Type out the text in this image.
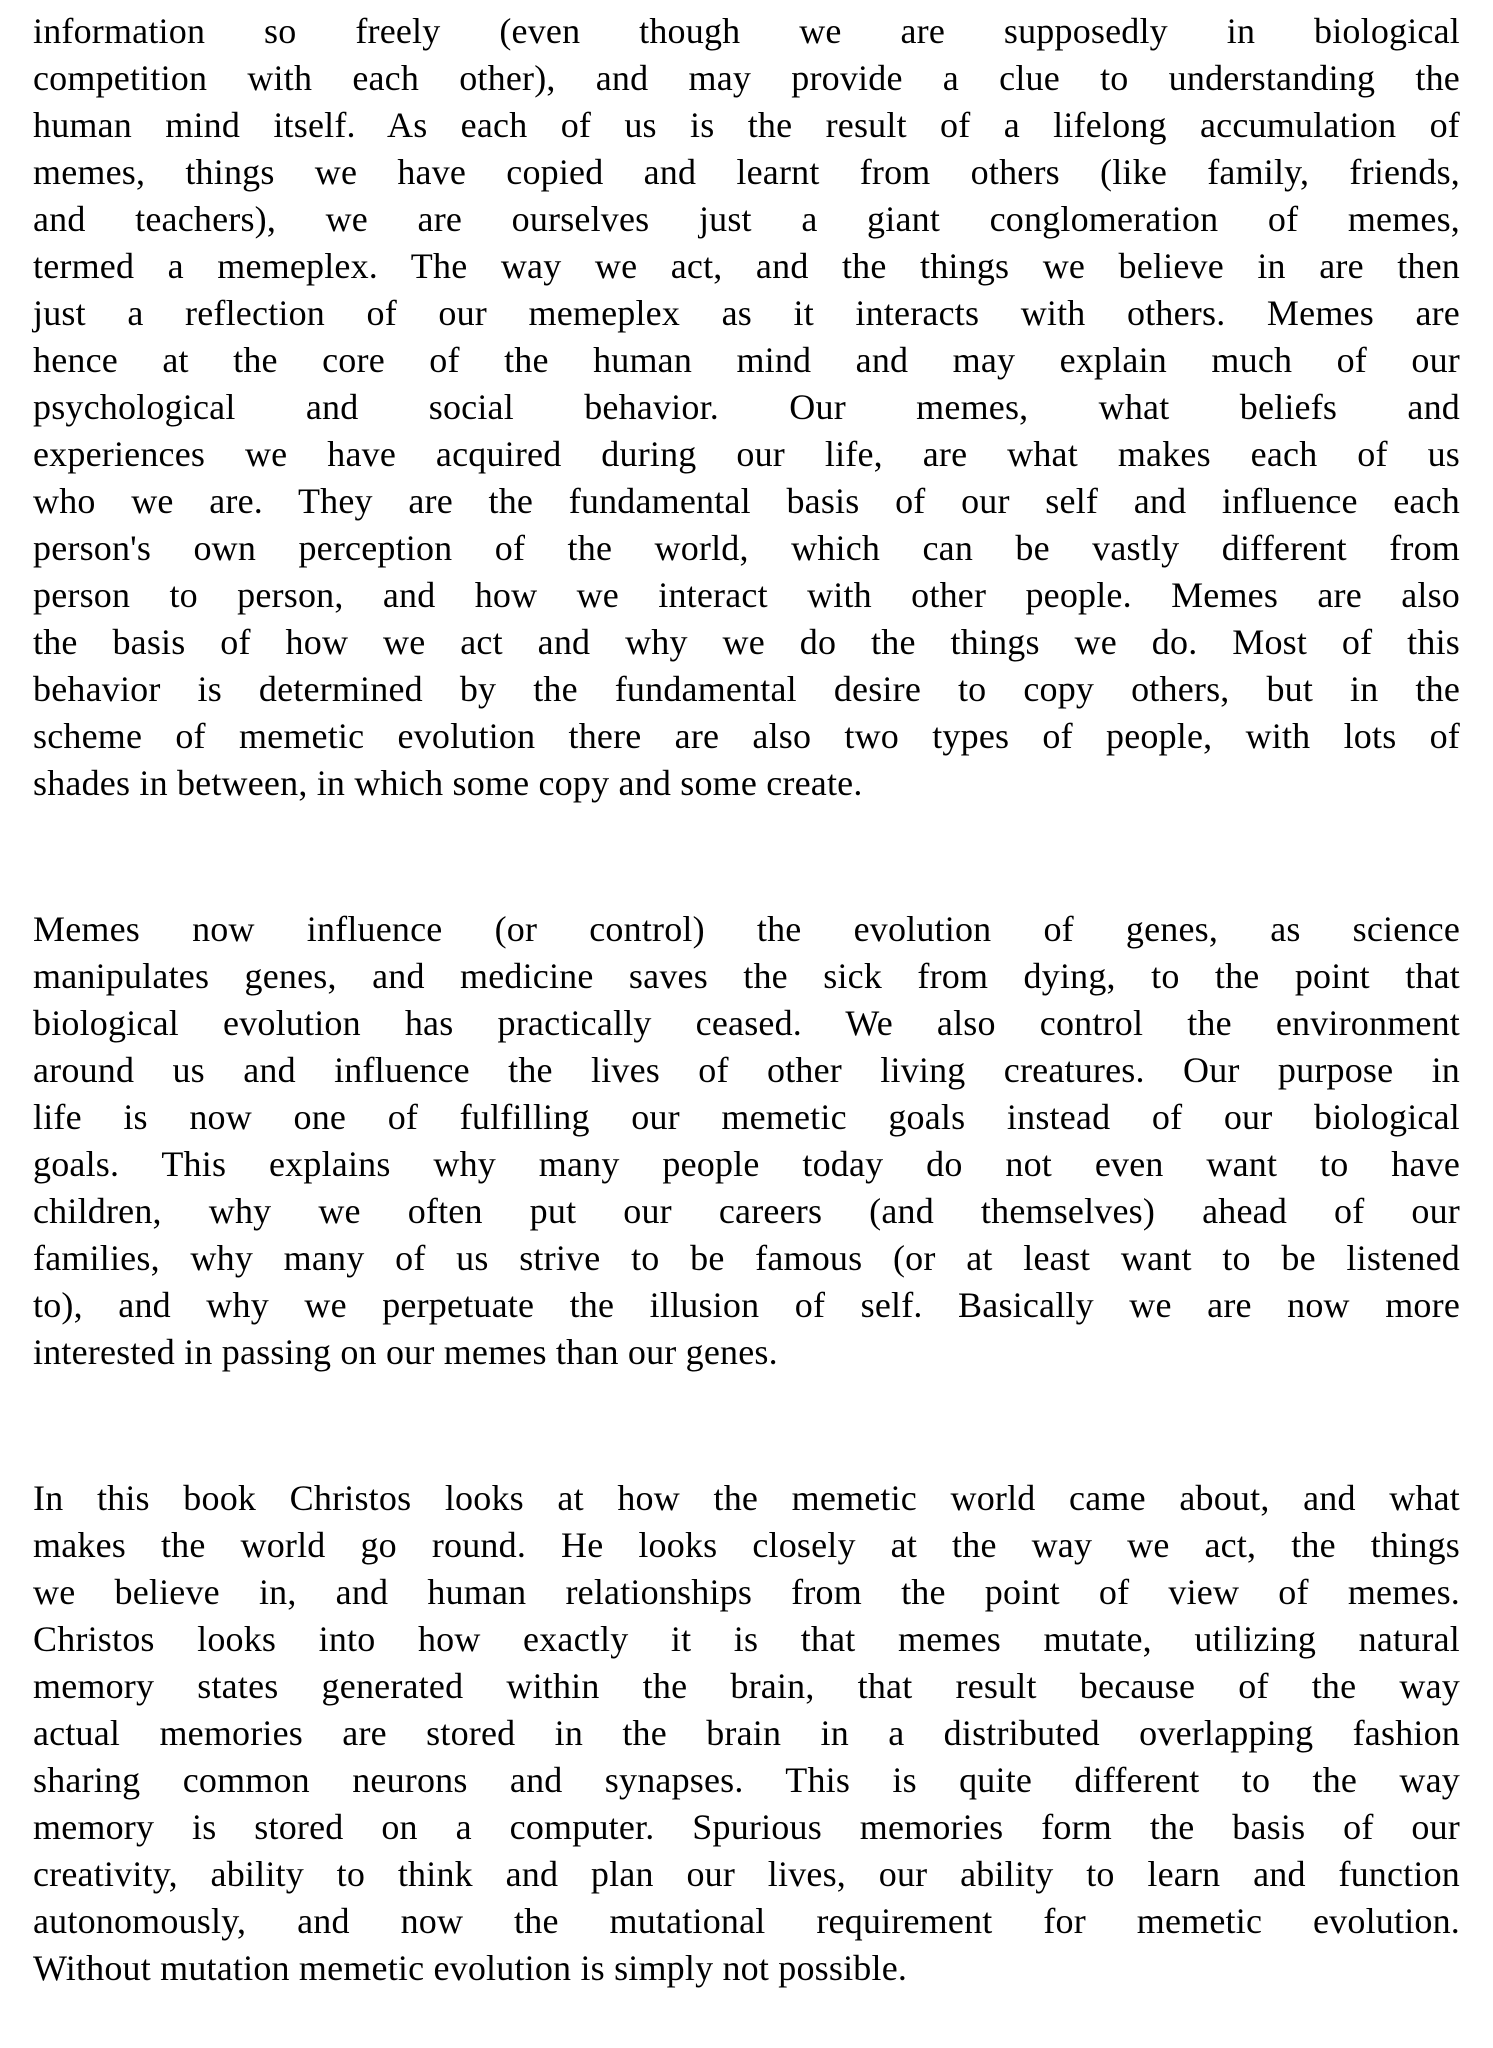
information so freely (even though we are supposedly in biological
competition with each other), and may provide a clue to understanding the
human mind itself. As each of us is the result of a lifelong accumulation of
memes, things we have copied and learnt from others (like family, friends,
and teachers), we are ourselves just a giant conglomeration of memes,
termed a memeplex. The way we act, and the things we believe in are then
just a reflection of our memeplex as it interacts with others. Memes are
hence at the core of the human mind and may explain much of our
psychological and social behavior. Our memes, what beliefs and
experiences we have acquired during our life, are what makes each of us
who we are. They are the fundamental basis of our self and influence each
person's own perception of the world, which can be vastly different from
person to person, and how we interact with other people. Memes are also
the basis of how we act and why we do the things we do. Most of this
behavior is determined by the fundamental desire to copy others, but in the
scheme of memetic evolution there are also two types of people, with lots of
shades in between, in which some copy and some create.
Memes now influence (or control) the evolution of genes, as science
manipulates genes, and medicine saves the sick from dying, to the point that
biological evolution has practically ceased. We also control the environment
around us and influence the lives of other living creatures. Our purpose in
life is now one of fulfilling our memetic goals instead of our biological
goals. This explains why many people today do not even want to have
children, why we often put our careers (and themselves) ahead of our
families, why many of us strive to be famous (or at least want to be listened
to), and why we perpetuate the illusion of self. Basically we are now more
interested in passing on our memes than our genes.
In this book Christos looks at how the memetic world came about, and what
makes the world go round. He looks closely at the way we act, the things
we believe in, and human relationships from the point of view of memes.
Christos looks into how exactly it is that memes mutate, utilizing natural
memory states generated within the brain, that result because of the way
actual memories are stored in the brain in a distributed overlapping fashion
sharing common neurons and synapses. This is quite different to the way
memory is stored on a computer. Spurious memories form the basis of our
creativity, ability to think and plan our lives, our ability to learn and function
autonomously, and now the mutational requirement for memetic evolution.
Without mutation memetic evolution is simply not possible.
